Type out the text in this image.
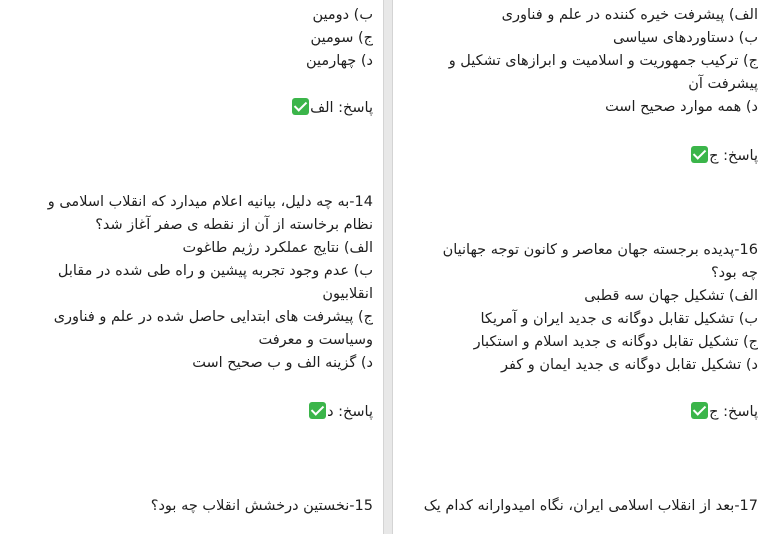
الف) پیشرفت خیره کننده در علم و فناوری
ب) دستاوردهای سیاسی
ج) ترکیب جمهوریت و اسلامیت و ابرازهای تشکیل و
پیشرفت آن
د) همه موارد صحیح است
پاسخ: ج
16-پدیده برجسته جهان معاصر و کانون توجه جهانیان
چه بود؟
الف) تشکیل جهان سه قطبی
ب) تشکیل تقابل دوگانه ی جدید ایران و آمریکا
ج) تشکیل تقابل دوگانه ی جدید اسلام و استکبار
د) تشکیل تقابل دوگانه ی جدید ایمان و کفر
پاسخ: ج
17-بعد از انقلاب اسلامی ایران، نگاه امیدوارانه کدام یک
ب) دومین
ج) سومین
د) چهارمین
پاسخ: الف
14-به چه دلیل، بیانیه اعلام میدارد که انقلاب اسلامی و
نظام برخاسته از آن از نقطه ی صفر آغاز شد؟
الف) نتایج عملکرد رژیم طاغوت
ب) عدم وجود تجربه پیشین و راه طی شده در مقابل
انقلابیون
ج) پیشرفت های ابتدایی حاصل شده در علم و فناوری
وسیاست و معرفت
د) گزینه الف و ب صحیح است
پاسخ: د
15-نخستین درخشش انقلاب چه بود؟
